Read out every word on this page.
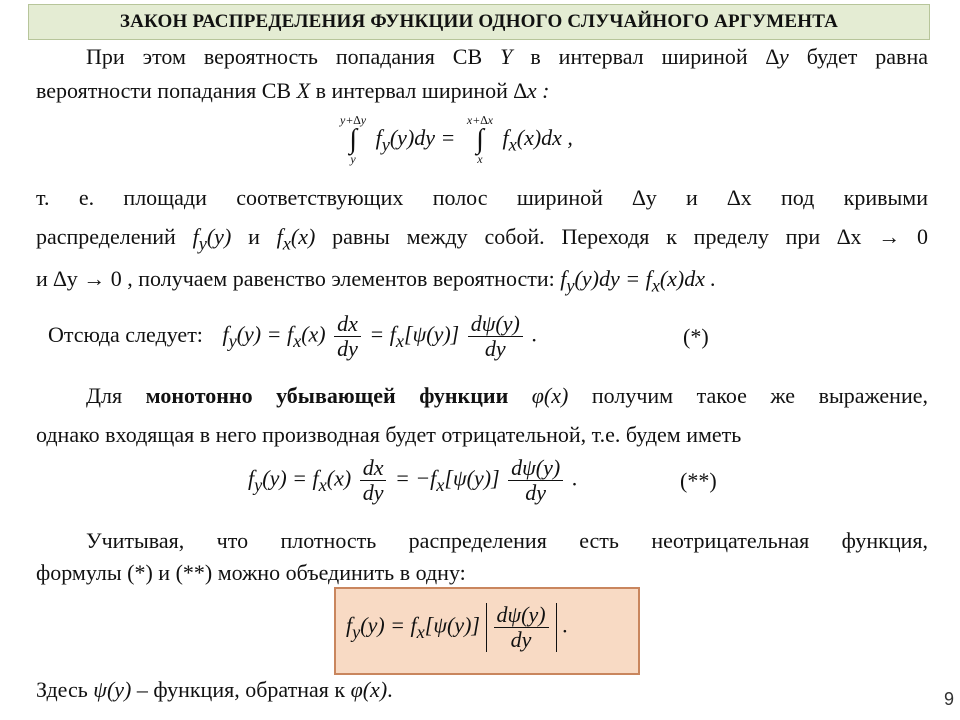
ЗАКОН РАСПРЕДЕЛЕНИЯ ФУНКЦИИ ОДНОГО СЛУЧАЙНОГО АРГУМЕНТА
При этом вероятность попадания СВ Y в интервал шириной ∆y будет равна
вероятности попадания СВ X в интервал шириной ∆x :
y+∆y
∫
y
$f_y(y)dy$ =
x+∆x
∫
x
$f_x(x)dx$ ,
т. е. площади соответствующих полос шириной ∆y и ∆x под кривыми
распределений $f_y(y)$ и $f_x(x)$ равны между собой. Переходя к пределу при ∆x → 0
и ∆y → 0 , получаем равенство элементов вероятности: $f_y(y)dy = f_x(x)dx$ .
Отсюда следует: $f_y(y) = f_x(x) \frac{dx}{dy} = f_x[\psi(y)] \frac{d\psi(y)}{dy}$ .	(*)
Для монотонно убывающей функции φ(x) получим такое же выражение,
однако входящая в него производная будет отрицательной, т.е. будем иметь
$f_y(y) = f_x(x) \frac{dx}{dy} = -f_x[\psi(y)] \frac{d\psi(y)}{dy}$ .	(**)
Учитывая, что плотность распределения есть неотрицательная функция,
формулы (*) и (**) можно объединить в одну:
$f_y(y) = f_x[\psi(y)] \frac{d\psi(y)}{dy}$ .
Здесь ψ(y) – функция, обратная к φ(x).	9
